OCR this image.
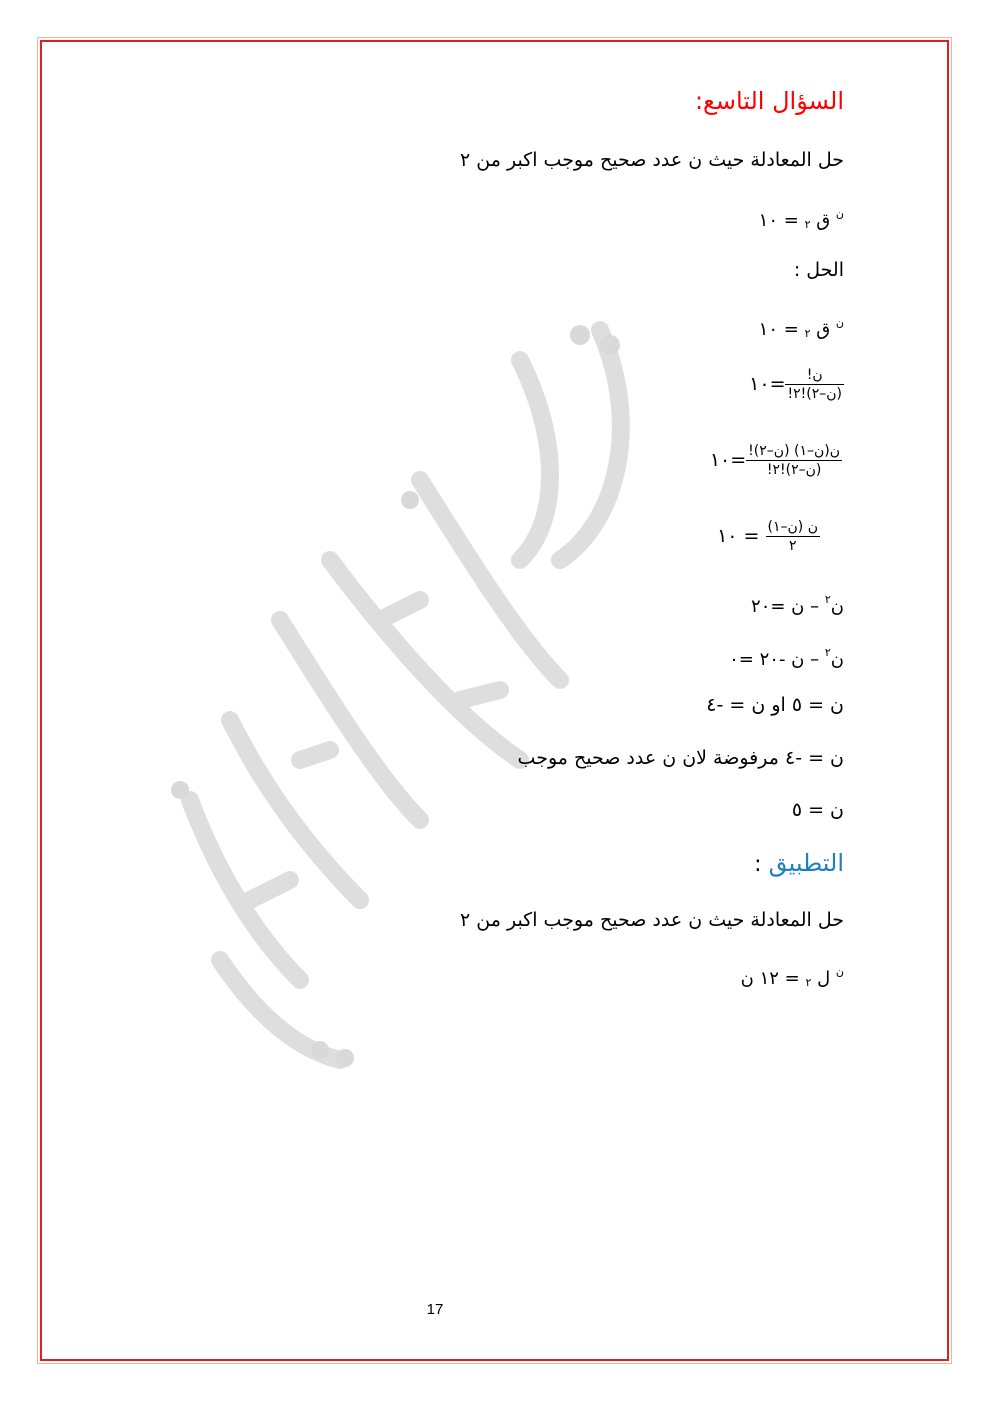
السؤال التاسع:
حل المعادلة حيث ن عدد صحيح موجب اكبر من ٢
$^ن$ ق ٢ = ١٠
الحل :
$^ن$ ق ٢ = ١٠
$\frac{\text{ن!}}{\text{(ن–٢)!٢!}}$
=١٠
$\frac{\text{ن(ن–١) (ن–٢)!}}{\text{(ن–٢)!٢!}}$
=١٠
$\frac{\text{ن (ن–١)}}{٢}$
= ١٠
ن$^٢$ – ن =٢٠
ن$^٢$ – ن -٢٠ =٠
ن = ٥ او ن = -٤
ن = -٤ مرفوضة لان ن عدد صحيح موجب
ن = ٥
التطبيق :
حل المعادلة حيث ن عدد صحيح موجب اكبر من ٢
$^ن$ ل ٢ = ١٢ ن
17
